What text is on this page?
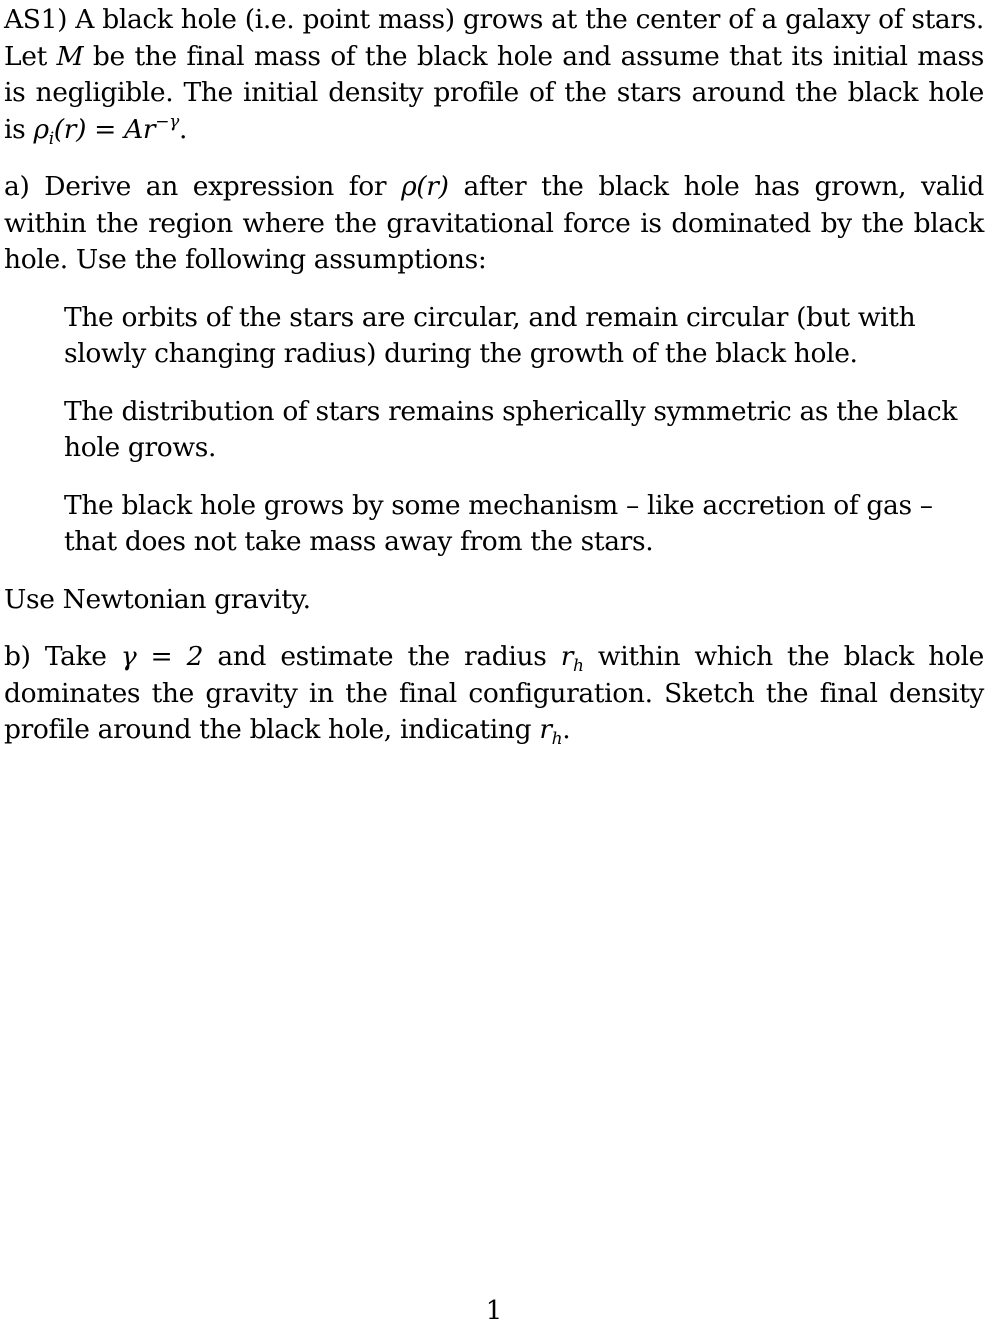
AS1) A black hole (i.e. point mass) grows at the center of a galaxy of stars. Let M be the final mass of the black hole and assume that its initial mass is negligible. The initial density profile of the stars around the black hole is $\rho_i(r) = Ar^{-\gamma}$.

a) Derive an expression for ρ(r) after the black hole has grown, valid within the region where the gravitational force is dominated by the black hole. Use the following assumptions:

The orbits of the stars are circular, and remain circular (but with slowly changing radius) during the growth of the black hole.

The distribution of stars remains spherically symmetric as the black hole grows.

The black hole grows by some mechanism – like accretion of gas – that does not take mass away from the stars.

Use Newtonian gravity.

b) Take γ = 2 and estimate the radius $r_h$ within which the black hole dominates the gravity in the final configuration. Sketch the final density profile around the black hole, indicating $r_h$.

1
